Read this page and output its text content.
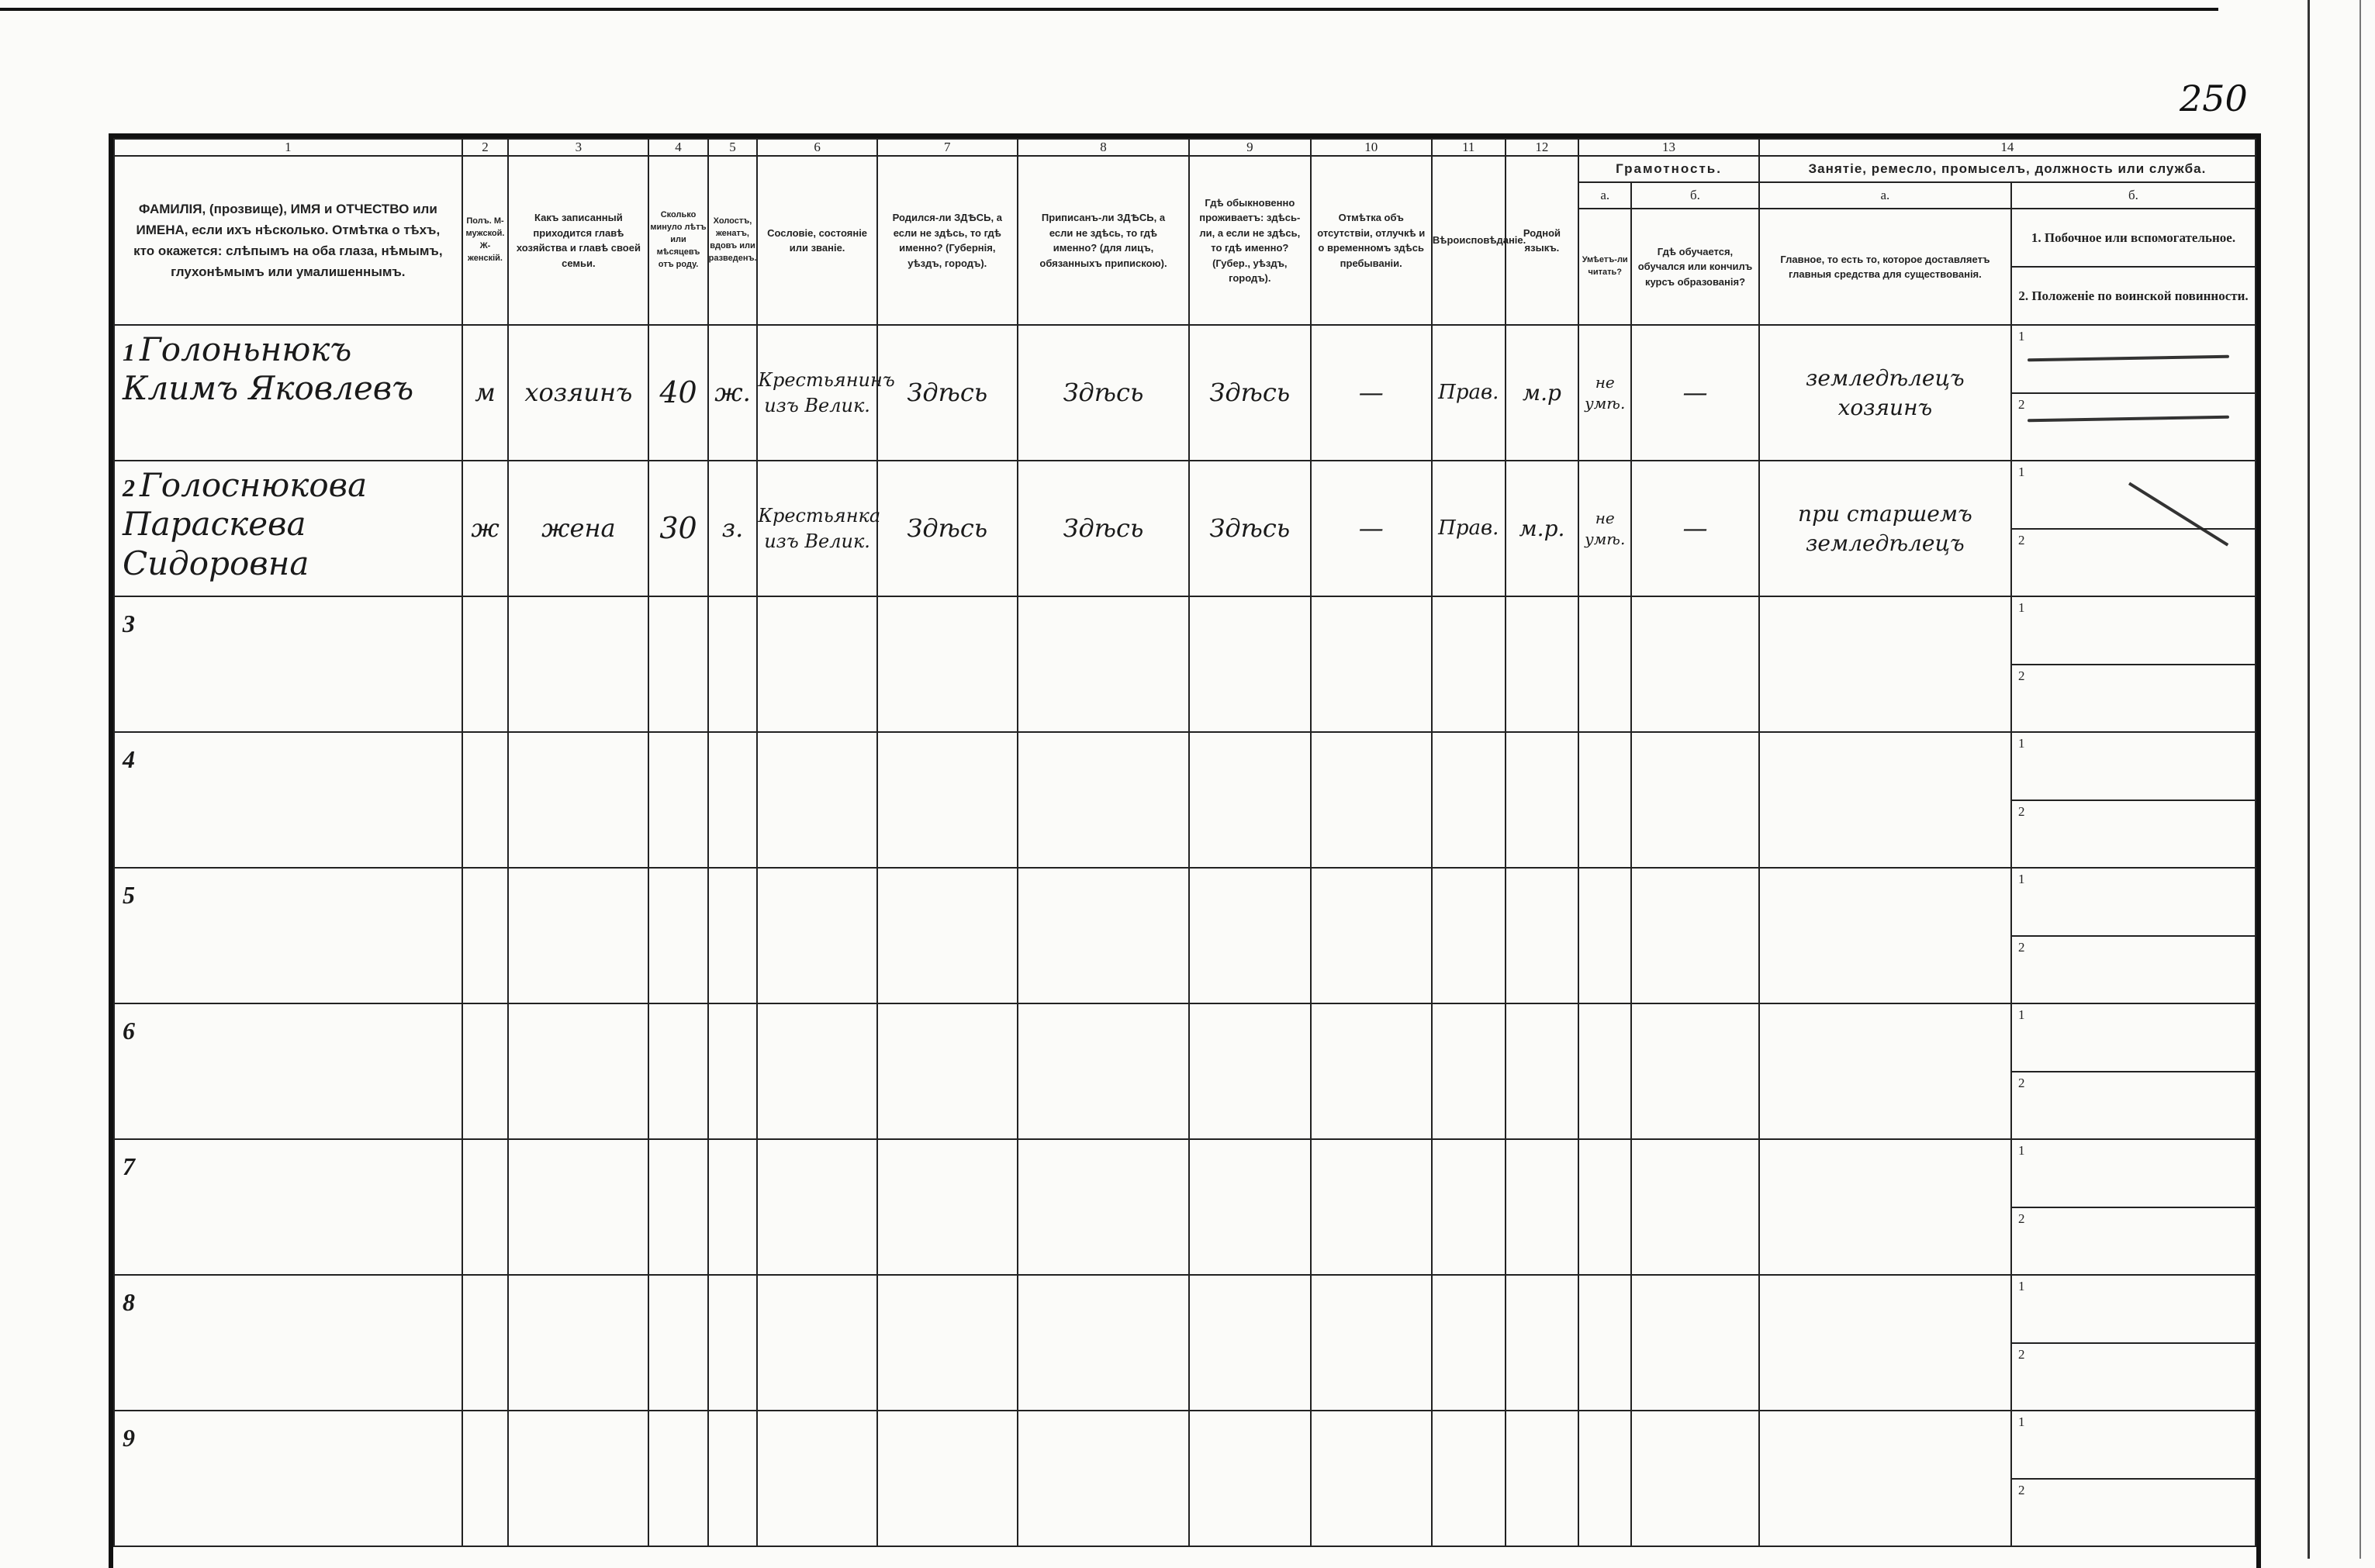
250
1	2	3	4	5	6	7	8	9	10	11	12	13		14	
ФАМИЛІЯ, (прозвище), ИМЯ и ОТЧЕСТВО или ИМЕНА, если ихъ нѣсколько. Отмѣтка о тѣхъ, кто окажется: слѣпымъ на оба глаза, нѣмымъ, глухонѣмымъ или умалишеннымъ.	Полъ. М-мужской. Ж-женскій.	Какъ записанный приходится главѣ хозяйства и главѣ своей семьи.	Сколько минуло лѣтъ или мѣсяцевъ отъ роду.	Холостъ, женатъ, вдовъ или разведенъ.	Сословіе, состояніе или званіе.	Родился-ли ЗДѢСЬ, а если не здѣсь, то гдѣ именно? (Губернія, уѣздъ, городъ).	Приписанъ-ли ЗДѢСЬ, а если не здѣсь, то гдѣ именно? (для лицъ, обязанныхъ припискою).	Гдѣ обыкновенно проживаетъ: здѣсь-ли, а если не здѣсь, то гдѣ именно? (Губер., уѣздъ, городъ).	Отмѣтка объ отсутствіи, отлучкѣ и о временномъ здѣсь пребываніи.	Вѣроисповѣданіе.	Родной языкъ.	Грамотность.		Занятіе, ремесло, промыселъ, должность или служба.	
												а.	б.	а.	б.
												Умѣетъ-ли читать?	Гдѣ обучается, обучался или кончилъ курсъ образованія?	Главное, то есть то, которое доставляетъ главныя средства для существованія.	1. Побочное или вспомогательное.
2. Положеніе по воинской повинности.

1 Голоньнюкъ Климъ Яковлевъ	м	хозяинъ	40	ж.	Крестьянинъ изъ Велик.	Здѣсь	Здѣсь	Здѣсь	—	Прав.	м.р	не умѣ.	—	земледѣлецъ хозяинъ	1
2

2 Голоснюкова Параскева Сидоровна	ж	жена	30	з.	Крестьянка изъ Велик.	Здѣсь	Здѣсь	Здѣсь	—	Прав.	м.р.	не умѣ.	—	при старшемъ земледѣлецъ	1
2

3															1
2

4															1
2

5															1
2

6															1
2

7															1
2

8															1
2

9															1
2
